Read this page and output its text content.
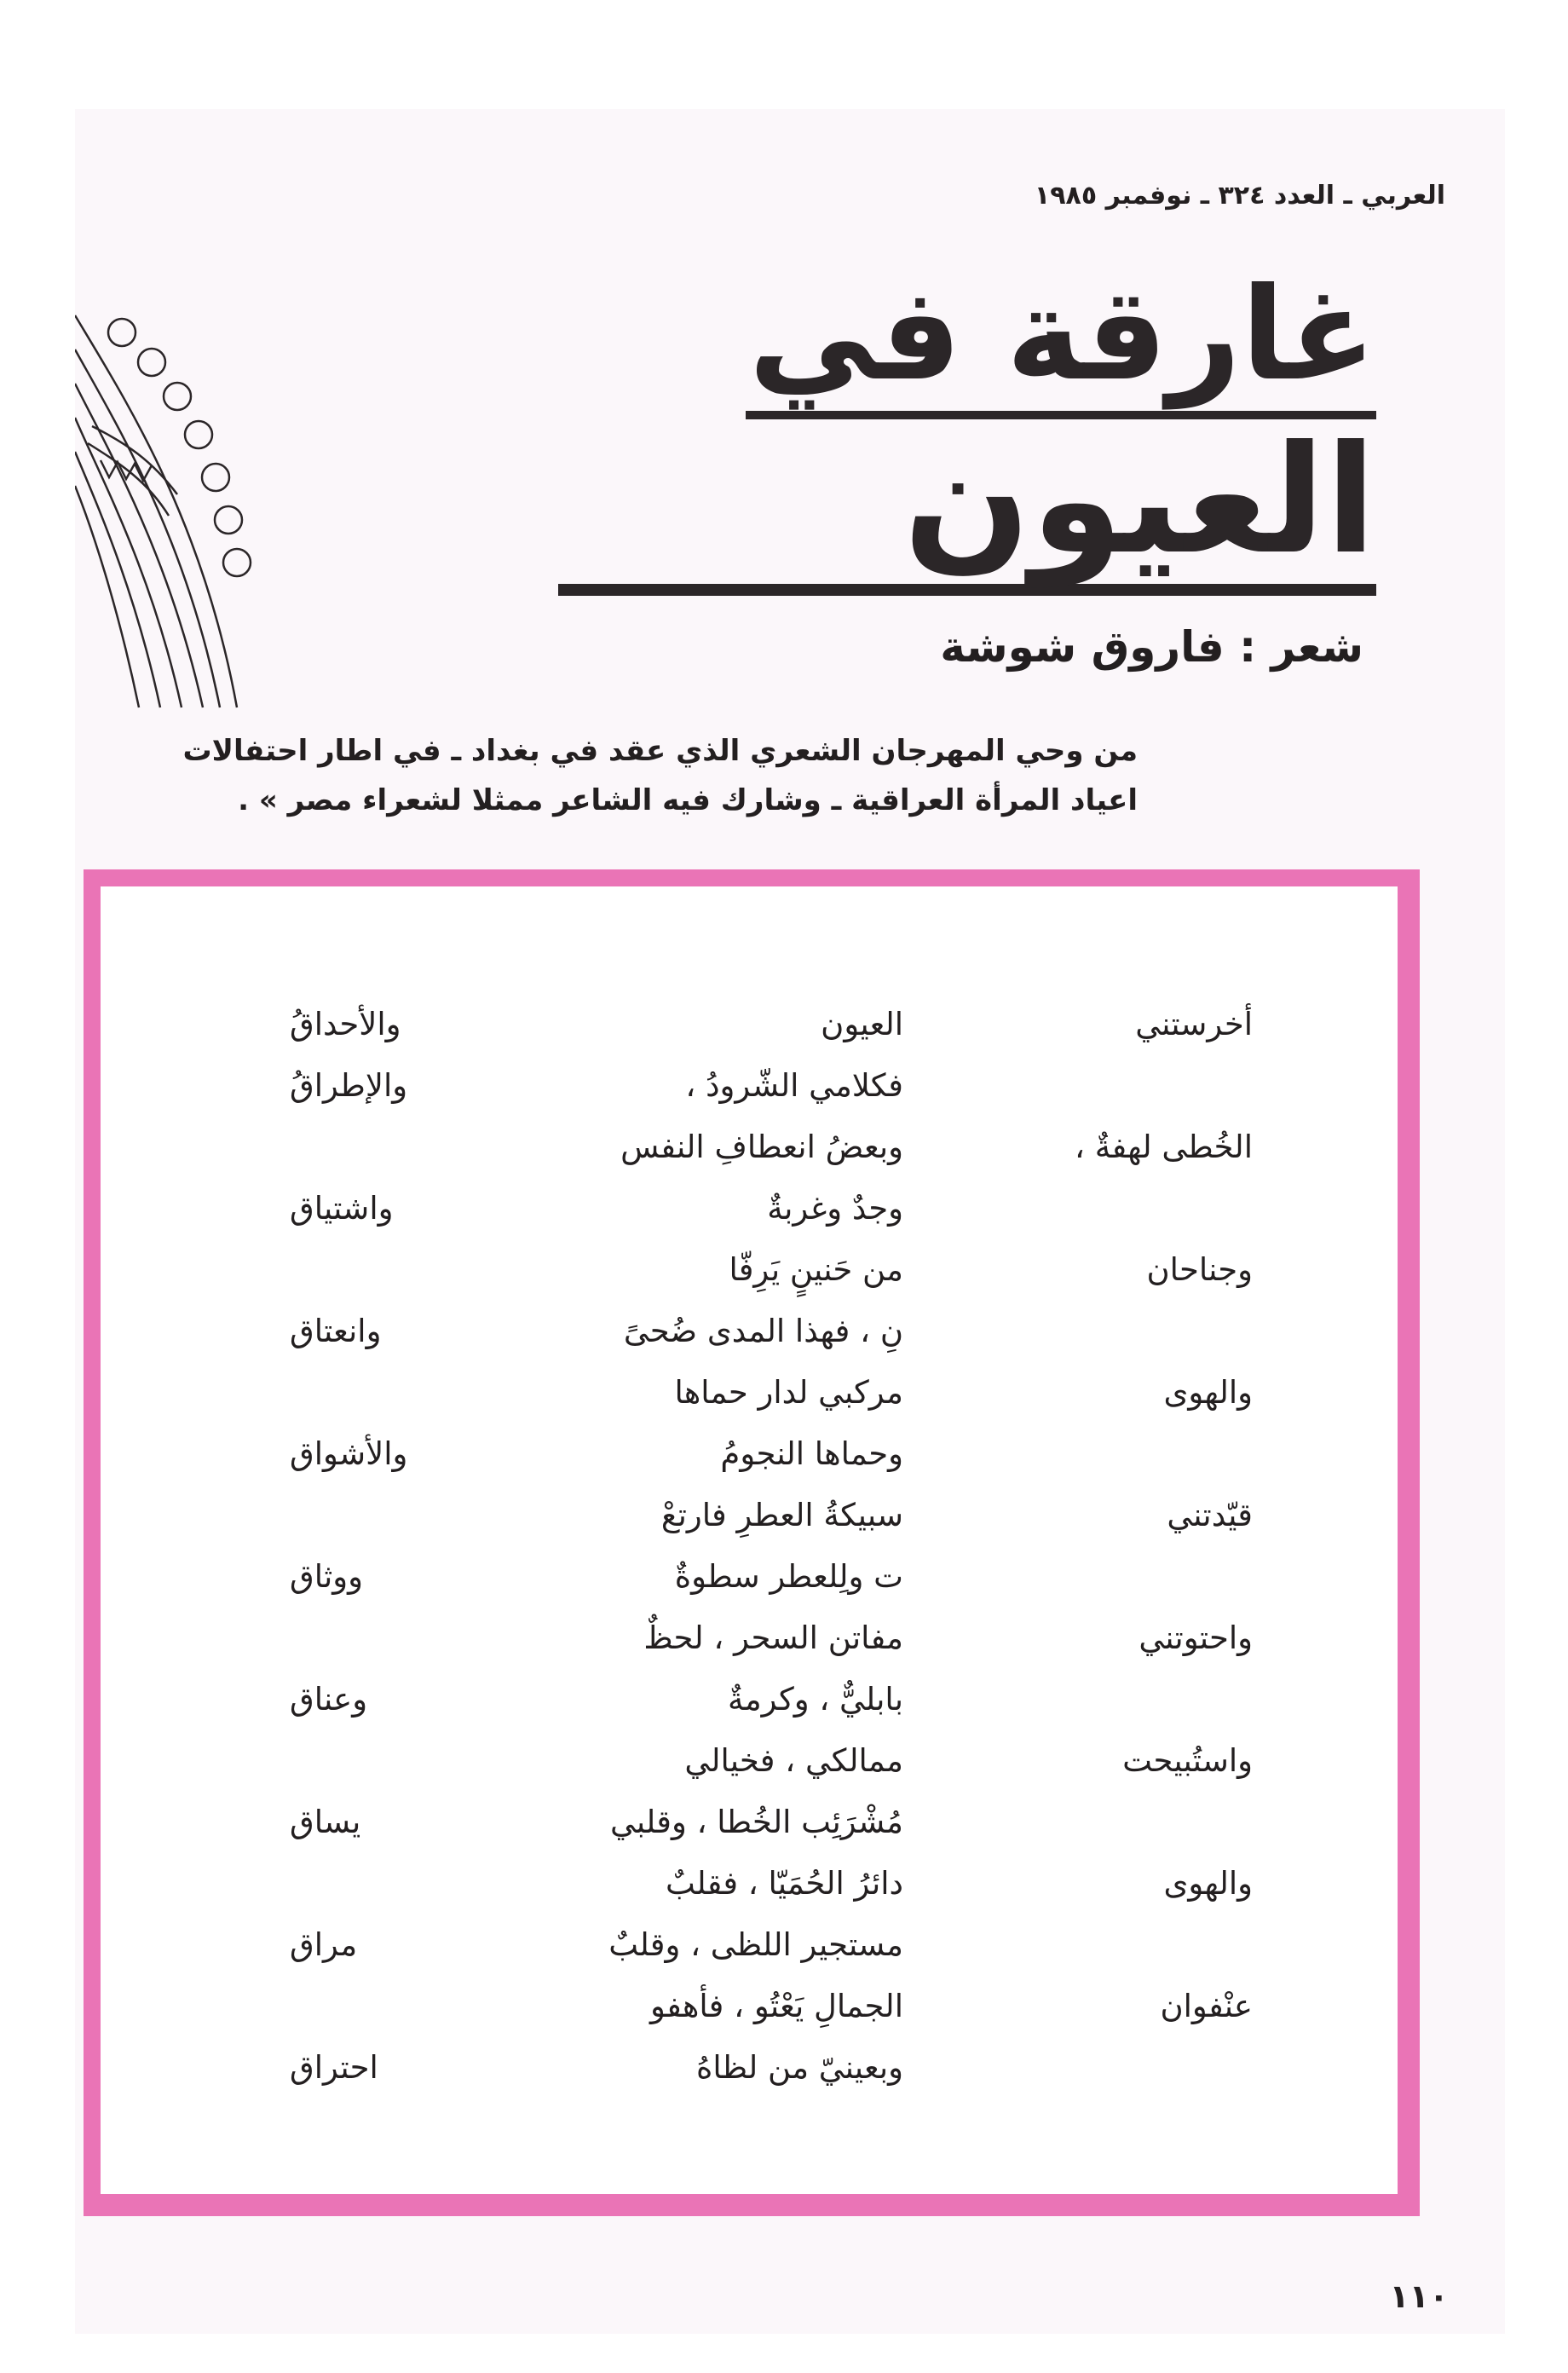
العربي ـ العدد ٣٢٤ ـ نوفمبر ١٩٨٥
غارقة في
العيون
شعر : فاروق شوشة
من وحي المهرجان الشعري الذي عقد في بغداد ـ في اطار احتفالات اعياد المرأة العراقية ـ وشارك فيه الشاعر ممثلا لشعراء مصر » .
أخرستني
العيون
والأحداقُ
فكلامي الشّرودُ ،
والإطراقُ
الخُطى لهفةٌ ،
وبعضُ انعطافِ النفس
وجدٌ وغربةٌ
واشتياق
وجناحان
من حَنينٍ يَرِفّا
نِ ، فهذا المدى ضُحىً
وانعتاق
والهوى
مركبي لدار حماها
وحماها النجومُ
والأشواق
قيّدتني
سبيكةُ العطرِ فارتعْ
ت ولِلعطر سطوةٌ
ووثاق
واحتوتني
مفاتن السحر ، لحظٌ
بابليٌّ ، وكرمةٌ
وعناق
واستُبيحت
ممالكي ، فخيالي
مُشْرَئِب الخُطا ، وقلبي
يساق
والهوى
دائرُ الحُمَيّا ، فقلبٌ
مستجير اللظى ، وقلبٌ
مراق
عنْفوان
الجمالِ يَعْتُو ، فأهفو
وبعينيّ من لظاهُ
احتراق
١١٠
